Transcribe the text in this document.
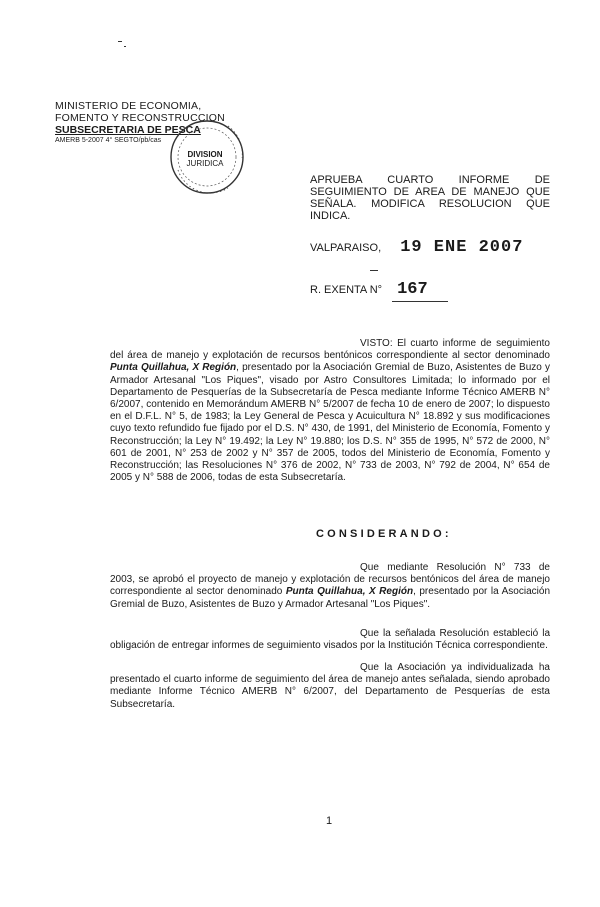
MINISTERIO DE ECONOMIA,
FOMENTO Y RECONSTRUCCION
SUBSECRETARIA DE PESCA
AMERB 5-2007 4° SEGTO/pb/cas
DIVISION
JURIDICA
APRUEBA CUARTO INFORME DE
SEGUIMIENTO DE AREA DE MANEJO QUE
SEÑALA. MODIFICA RESOLUCION QUE
INDICA.
VALPARAISO, 19 ENE 2007
R. EXENTA N° 167
VISTO: El cuarto informe de seguimiento del área de manejo y explotación de recursos bentónicos correspondiente al sector denominado Punta Quillahua, X Región, presentado por la Asociación Gremial de Buzo, Asistentes de Buzo y Armador Artesanal "Los Piques", visado por Astro Consultores Limitada; lo informado por el Departamento de Pesquerías de la Subsecretaría de Pesca mediante Informe Técnico AMERB N° 6/2007, contenido en Memorándum AMERB N° 5/2007 de fecha 10 de enero de 2007; lo dispuesto en el D.F.L. N° 5, de 1983; la Ley General de Pesca y Acuicultura N° 18.892 y sus modificaciones cuyo texto refundido fue fijado por el D.S. N° 430, de 1991, del Ministerio de Economía, Fomento y Reconstrucción; la Ley N° 19.492; la Ley N° 19.880; los D.S. N° 355 de 1995, N° 572 de 2000, N° 601 de 2001, N° 253 de 2002 y N° 357 de 2005, todos del Ministerio de Economía, Fomento y Reconstrucción; las Resoluciones N° 376 de 2002, N° 733 de 2003, N° 792 de 2004, N° 654 de 2005 y N° 588 de 2006, todas de esta Subsecretaría.
CONSIDERANDO:
Que mediante Resolución N° 733 de 2003, se aprobó el proyecto de manejo y explotación de recursos bentónicos del área de manejo correspondiente al sector denominado Punta Quillahua, X Región, presentado por la Asociación Gremial de Buzo, Asistentes de Buzo y Armador Artesanal "Los Piques".
Que la señalada Resolución estableció la obligación de entregar informes de seguimiento visados por la Institución Técnica correspondiente.
Que la Asociación ya individualizada ha presentado el cuarto informe de seguimiento del área de manejo antes señalada, siendo aprobado mediante Informe Técnico AMERB N° 6/2007, del Departamento de Pesquerías de esta Subsecretaría.
1
